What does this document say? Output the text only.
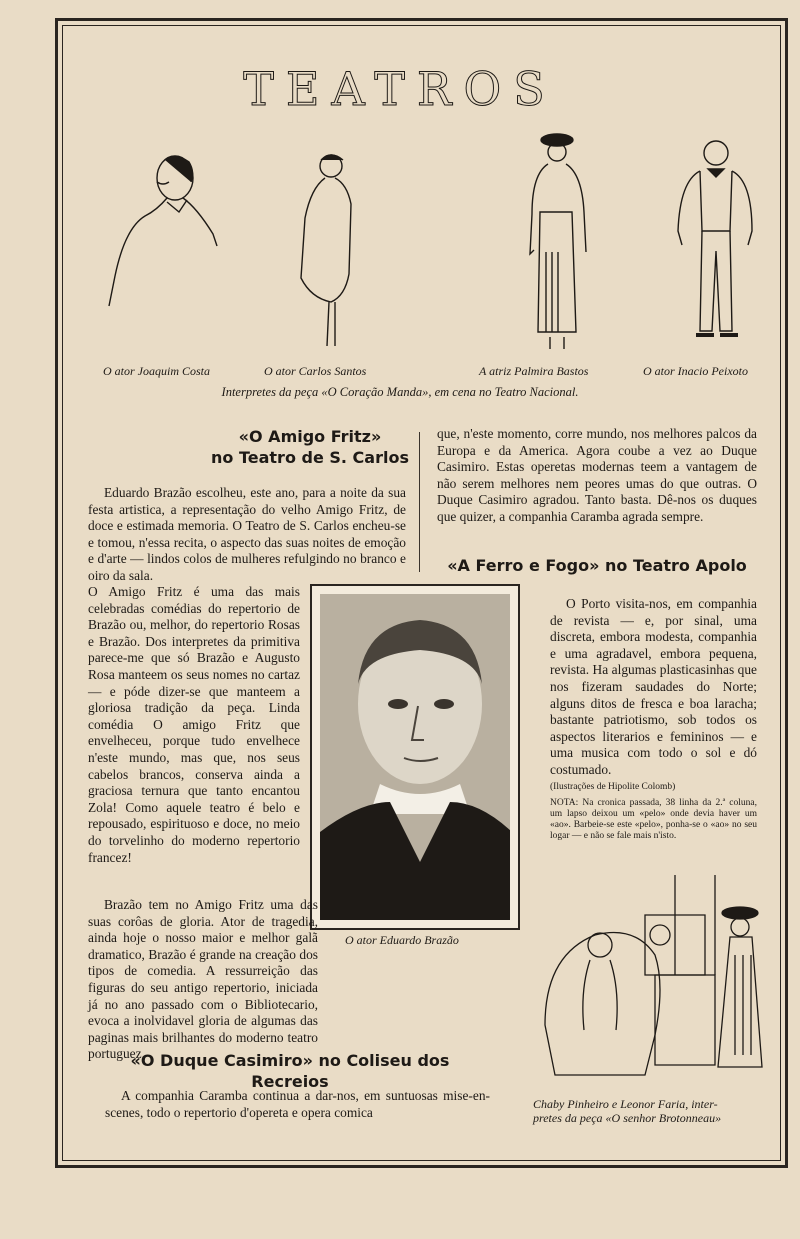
TEATROS
O ator Joaquim Costa	O ator Carlos Santos	A atriz Palmira Bastos	O ator Inacio Peixoto
Interpretes da peça «O Coração Manda», em cena no Teatro Nacional.
«O Amigo Fritz»
no Teatro de S. Carlos

Eduardo Brazão escolheu, este ano, para a noite da sua festa artistica, a representação do velho Amigo Fritz, de doce e estimada memoria. O Teatro de S. Carlos encheu-se e tomou, n'essa recita, o aspecto das suas noites de emoção e d'arte — lindos colos de mulheres refulgindo no branco e oiro da sala.

O Amigo Fritz é uma das mais celebradas comédias do repertorio de Brazão ou, melhor, do repertorio Rosas e Brazão. Dos interpretes da primitiva parece-me que só Brazão e Augusto Rosa manteem os seus nomes no cartaz — e póde dizer-se que manteem a gloriosa tradição da peça. Linda comédia O amigo Fritz que envelheceu, porque tudo envelhece n'este mundo, mas que, nos seus cabelos brancos, conserva ainda a graciosa ternura que tanto encantou Zola! Como aquele teatro é belo e repousado, espirituoso e doce, no meio do torvelinho do moderno repertorio francez!

O ator Eduardo Brazão

Brazão tem no Amigo Fritz uma das suas corôas de gloria. Ator de tragedia, ainda hoje o nosso maior e melhor galã dramatico, Brazão é grande na creação dos tipos de comedia. A ressurreição das figuras do seu antigo repertorio, iniciada já no ano passado com o Bibliotecario, evoca a inolvidavel gloria de algumas das paginas mais brilhantes do moderno teatro portuguez.

«O Duque Casimiro» no Coliseu dos Recreios

A companhia Caramba continua a dar-nos, em suntuosas mise-en-scenes, todo o repertorio d'opereta e opera comica

que, n'este momento, corre mundo, nos melhores palcos da Europa e da America. Agora coube a vez ao Duque Casimiro. Estas operetas modernas teem a vantagem de não serem melhores nem peores umas do que outras. O Duque Casimiro agradou. Tanto basta. Dê-nos os duques que quizer, a companhia Caramba agrada sempre.

«A Ferro e Fogo» no Teatro Apolo

O Porto visita-nos, em companhia de revista — e, por sinal, uma discreta, embora modesta, companhia e uma agradavel, embora pequena, revista. Ha algumas plasticasinhas que nos fizeram saudades do Norte; alguns ditos de fresca e boa laracha; bastante patriotismo, sob todos os aspectos literarios e femininos — e uma musica com todo o sol e dó costumado.

(Ilustrações de Hipolite Colomb)

NOTA: Na cronica passada, 38 linha da 2.ª coluna, um lapso deixou um «pelo» onde devia haver um «ao». Barbeie-se este «pelo», ponha-se o «ao» no seu logar — e não se fale mais n'isto.

Chaby Pinheiro e Leonor Faria, inter-
pretes da peça «O senhor Brotonneau»
